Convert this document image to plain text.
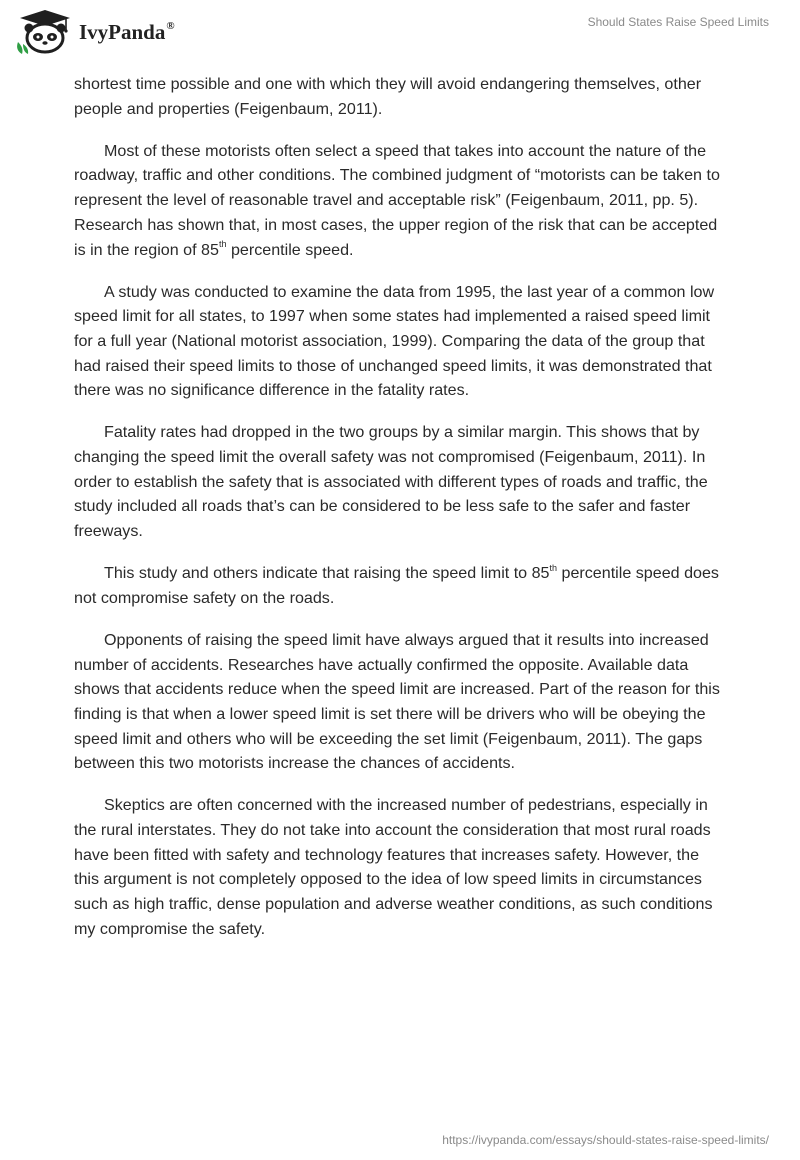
IvyPanda®	Should States Raise Speed Limits

shortest time possible and one with which they will avoid endangering themselves, other people and properties (Feigenbaum, 2011).

Most of these motorists often select a speed that takes into account the nature of the roadway, traffic and other conditions. The combined judgment of “motorists can be taken to represent the level of reasonable travel and acceptable risk” (Feigenbaum, 2011, pp. 5). Research has shown that, in most cases, the upper region of the risk that can be accepted is in the region of 85th percentile speed.

A study was conducted to examine the data from 1995, the last year of a common low speed limit for all states, to 1997 when some states had implemented a raised speed limit for a full year (National motorist association, 1999). Comparing the data of the group that had raised their speed limits to those of unchanged speed limits, it was demonstrated that there was no significance difference in the fatality rates.

Fatality rates had dropped in the two groups by a similar margin. This shows that by changing the speed limit the overall safety was not compromised (Feigenbaum, 2011). In order to establish the safety that is associated with different types of roads and traffic, the study included all roads that’s can be considered to be less safe to the safer and faster freeways.

This study and others indicate that raising the speed limit to 85th percentile speed does not compromise safety on the roads.

Opponents of raising the speed limit have always argued that it results into increased number of accidents. Researches have actually confirmed the opposite. Available data shows that accidents reduce when the speed limit are increased. Part of the reason for this finding is that when a lower speed limit is set there will be drivers who will be obeying the speed limit and others who will be exceeding the set limit (Feigenbaum, 2011). The gaps between this two motorists increase the chances of accidents.

Skeptics are often concerned with the increased number of pedestrians, especially in the rural interstates. They do not take into account the consideration that most rural roads have been fitted with safety and technology features that increases safety. However, the this argument is not completely opposed to the idea of low speed limits in circumstances such as high traffic, dense population and adverse weather conditions, as such conditions my compromise the safety.

https://ivypanda.com/essays/should-states-raise-speed-limits/
